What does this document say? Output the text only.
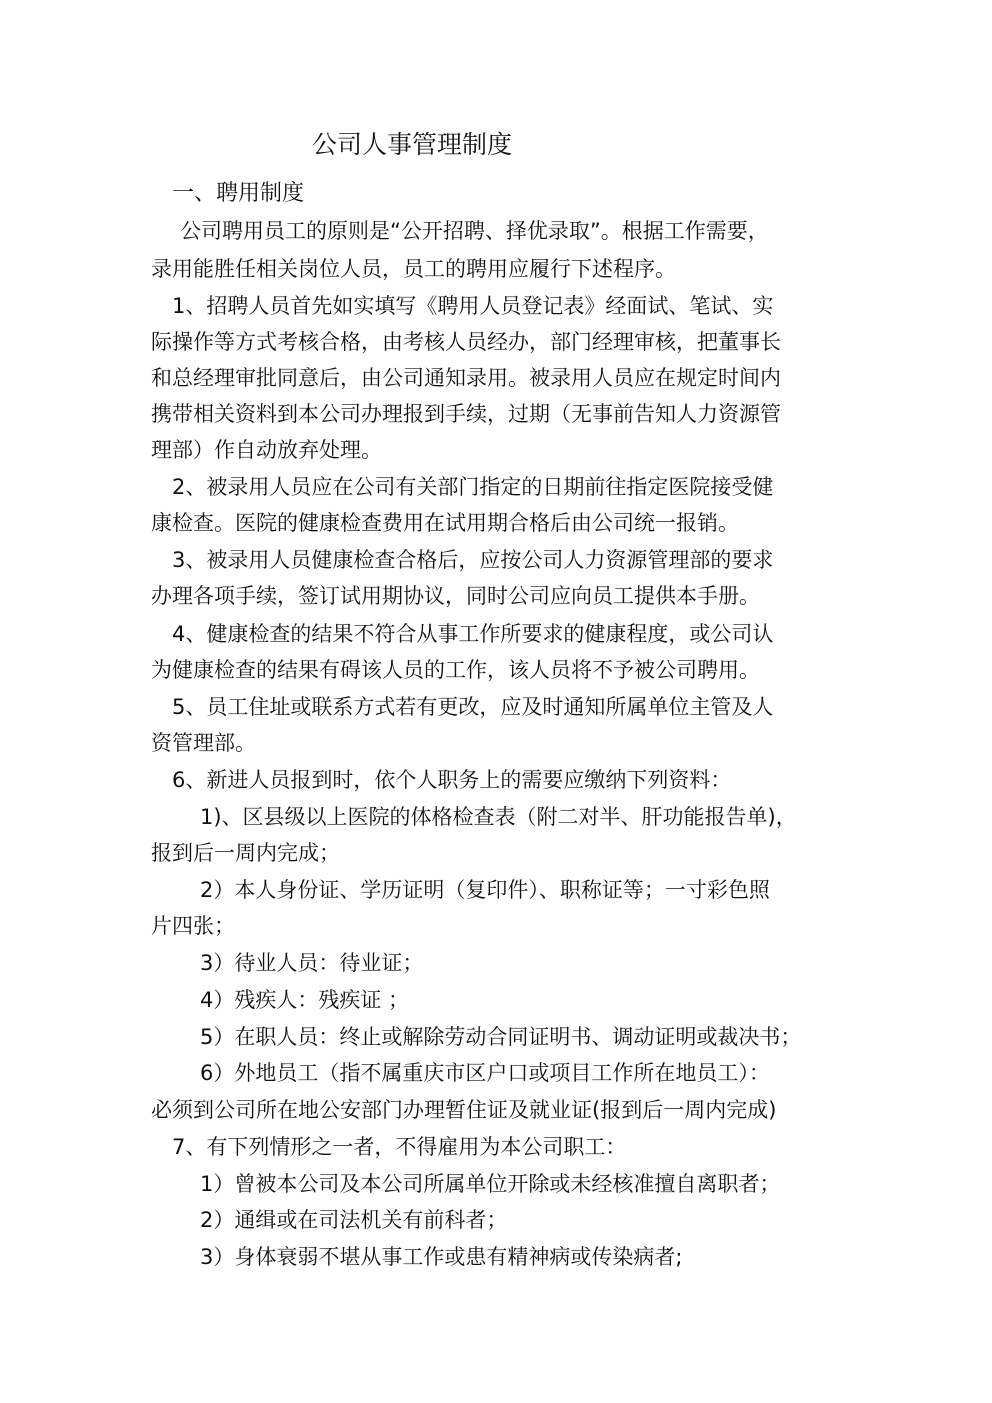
公司人事管理制度

一、聘用制度

公司聘用员工的原则是“公开招聘、择优录取”。根据工作需要，

录用能胜任相关岗位人员，员工的聘用应履行下述程序。

1、招聘人员首先如实填写《聘用人员登记表》经面试、笔试、实

际操作等方式考核合格，由考核人员经办，部门经理审核，把董事长

和总经理审批同意后，由公司通知录用。被录用人员应在规定时间内

携带相关资料到本公司办理报到手续，过期（无事前告知人力资源管

理部）作自动放弃处理。

2、被录用人员应在公司有关部门指定的日期前往指定医院接受健

康检查。医院的健康检查费用在试用期合格后由公司统一报销。

3、被录用人员健康检查合格后，应按公司人力资源管理部的要求

办理各项手续，签订试用期协议，同时公司应向员工提供本手册。

4、健康检查的结果不符合从事工作所要求的健康程度，或公司认

为健康检查的结果有碍该人员的工作，该人员将不予被公司聘用。

5、员工住址或联系方式若有更改，应及时通知所属单位主管及人

资管理部。

6、新进人员报到时，依个人职务上的需要应缴纳下列资料：

1)、区县级以上医院的体格检查表（附二对半、肝功能报告单)，

报到后一周内完成；

2）本人身份证、学历证明（复印件）、职称证等；一寸彩色照

片四张；

3）待业人员：待业证；

4）残疾人：残疾证 ；

5）在职人员：终止或解除劳动合同证明书、调动证明或裁决书；

6）外地员工（指不属重庆市区户口或项目工作所在地员工）：

必须到公司所在地公安部门办理暂住证及就业证(报到后一周内完成)

7、有下列情形之一者，不得雇用为本公司职工：

1）曾被本公司及本公司所属单位开除或未经核准擅自离职者；

2）通缉或在司法机关有前科者；

3）身体衰弱不堪从事工作或患有精神病或传染病者;
